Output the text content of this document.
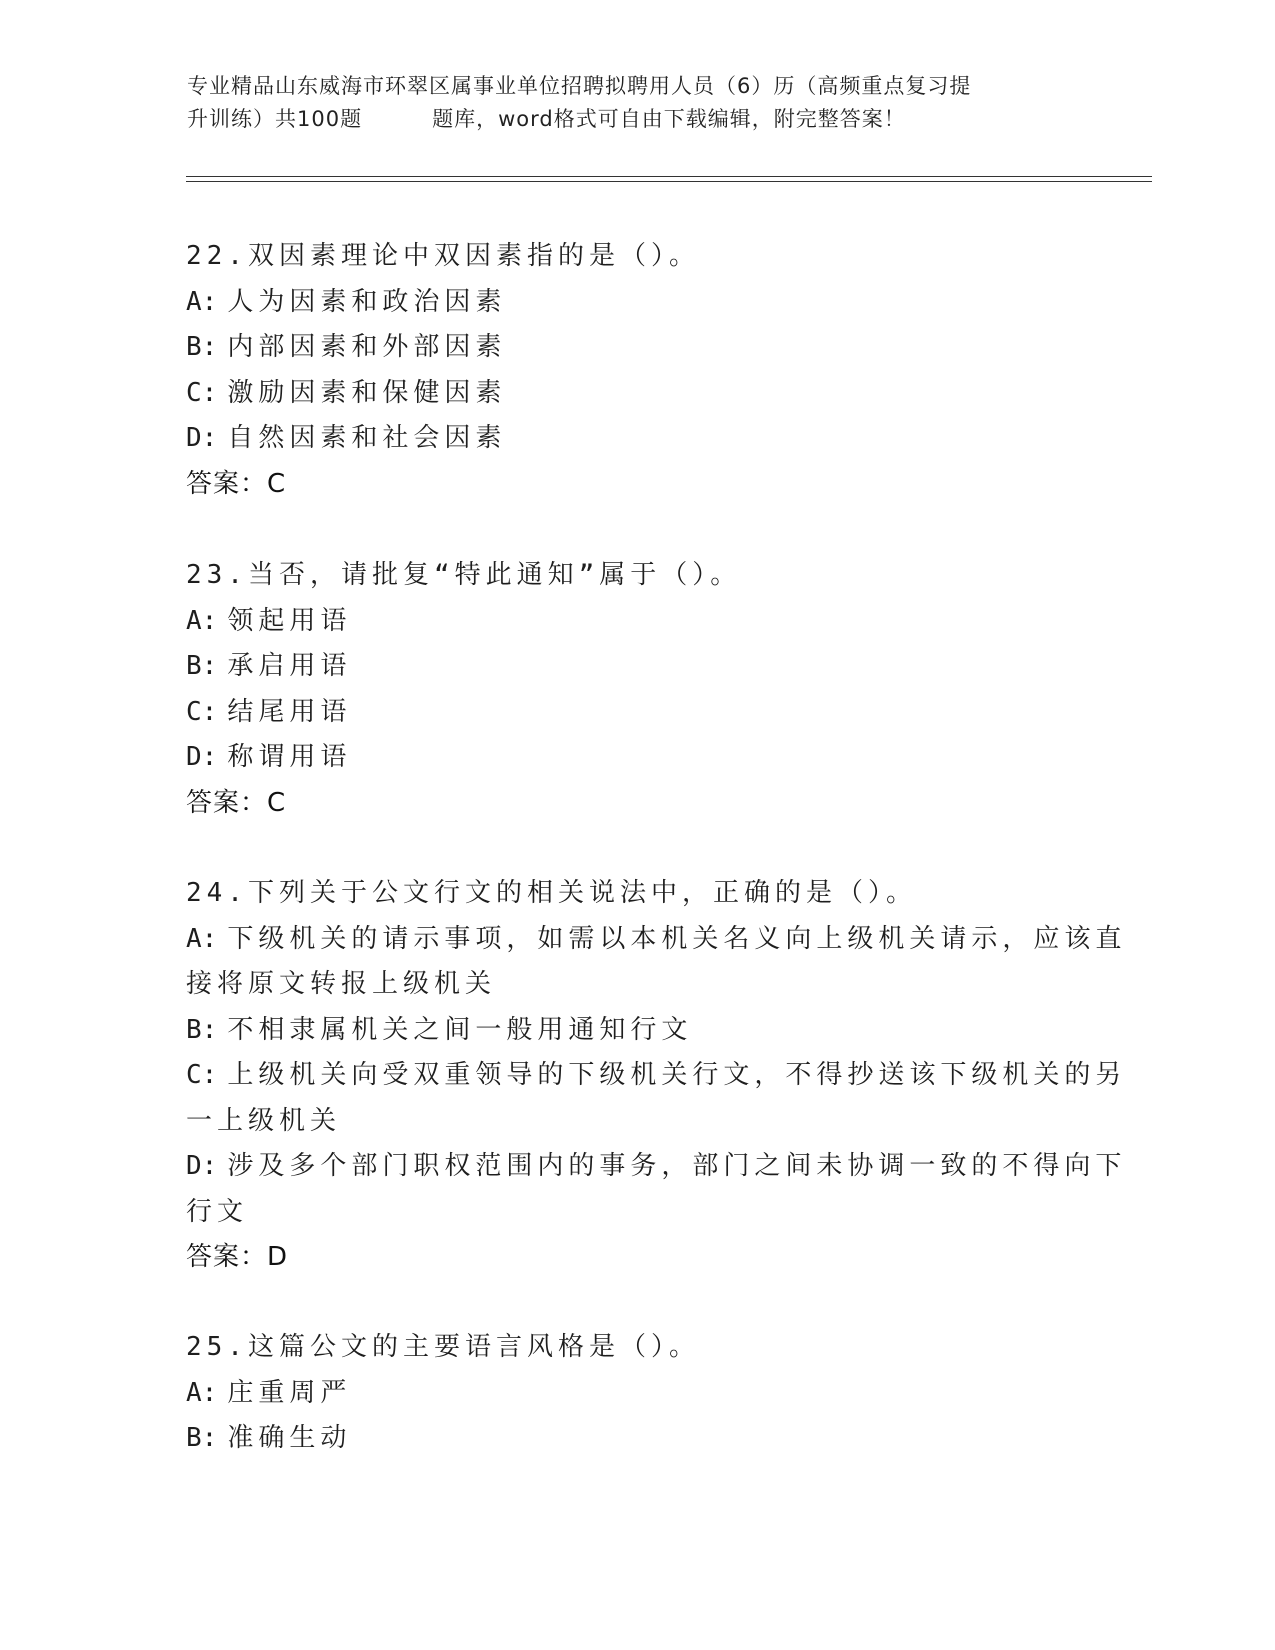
专业精品山东威海市环翠区属事业单位招聘拟聘用人员（6）历（高频重点复习提
升训练）共100题	题库，word格式可自由下载编辑，附完整答案！
22.双因素理论中双因素指的是（）。
A: 人为因素和政治因素
B: 内部因素和外部因素
C: 激励因素和保健因素
D: 自然因素和社会因素
答案：C
23.当否，请批复“特此通知”属于（）。
A: 领起用语
B: 承启用语
C: 结尾用语
D: 称谓用语
答案：C
24.下列关于公文行文的相关说法中，正确的是（）。
A: 下级机关的请示事项，如需以本机关名义向上级机关请示，应该直
接将原文转报上级机关
B: 不相隶属机关之间一般用通知行文
C: 上级机关向受双重领导的下级机关行文，不得抄送该下级机关的另
一上级机关
D: 涉及多个部门职权范围内的事务，部门之间未协调一致的不得向下
行文
答案：D
25.这篇公文的主要语言风格是（）。
A: 庄重周严
B: 准确生动
